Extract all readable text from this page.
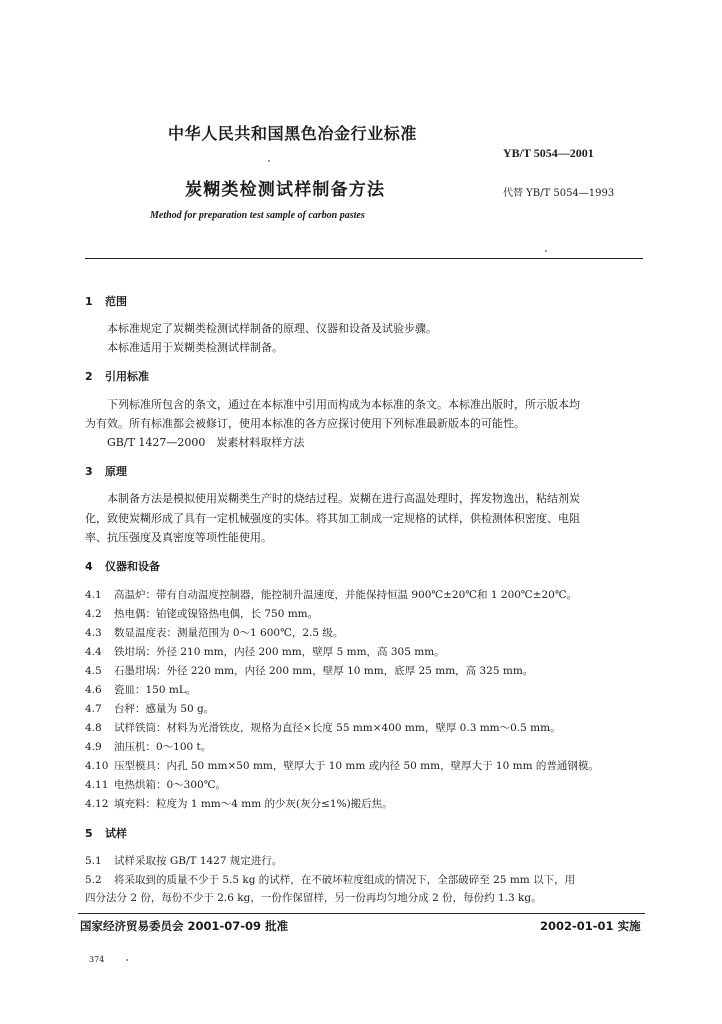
中华人民共和国黑色冶金行业标准
YB/T 5054—2001
炭糊类检测试样制备方法	代替 YB/T 5054—1993
Method for preparation test sample of carbon pastes
1 范围
本标准规定了炭糊类检测试样制备的原理、仪器和设备及试验步骤。
本标准适用于炭糊类检测试样制备。
2 引用标准
下列标准所包含的条文，通过在本标准中引用而构成为本标准的条文。本标准出版时，所示版本均
为有效。所有标准都会被修订，使用本标准的各方应探讨使用下列标准最新版本的可能性。
GB/T 1427—2000　炭素材料取样方法
3 原理
本制备方法是模拟使用炭糊类生产时的烧结过程。炭糊在进行高温处理时，挥发物逸出，粘结剂炭
化，致使炭糊形成了具有一定机械强度的实体。将其加工制成一定规格的试样，供检测体积密度、电阻
率、抗压强度及真密度等项性能使用。
4 仪器和设备
4.1 高温炉：带有自动温度控制器，能控制升温速度，并能保持恒温 900℃±20℃和 1 200℃±20℃。
4.2 热电偶：铂铑或镍铬热电偶，长 750 mm。
4.3 数显温度表：测量范围为 0～1 600℃，2.5 级。
4.4 铁坩埚：外径 210 mm，内径 200 mm，壁厚 5 mm，高 305 mm。
4.5 石墨坩埚：外径 220 mm，内径 200 mm，壁厚 10 mm，底厚 25 mm，高 325 mm。
4.6 瓷皿：150 mL。
4.7 台秤：感量为 50 g。
4.8 试样铁筒：材料为光滑铁皮，规格为直径×长度 55 mm×400 mm，壁厚 0.3 mm～0.5 mm。
4.9 油压机：0～100 t。
4.10 压型模具：内孔 50 mm×50 mm，壁厚大于 10 mm 或内径 50 mm，壁厚大于 10 mm 的普通钢模。
4.11 电热烘箱：0～300℃。
4.12 填充料：粒度为 1 mm～4 mm 的少灰(灰分≤1%)搬后焦。
5 试样
5.1 试样采取按 GB/T 1427 规定进行。
5.2 将采取到的质量不少于 5.5 kg 的试样，在不破坏粒度组成的情况下，全部破碎至 25 mm 以下，用
四分法分 2 份，每份不少于 2.6 kg，一份作保留样，另一份再均匀地分成 2 份，每份约 1.3 kg。
国家经济贸易委员会 2001-07-09 批准	2002-01-01 实施
374
